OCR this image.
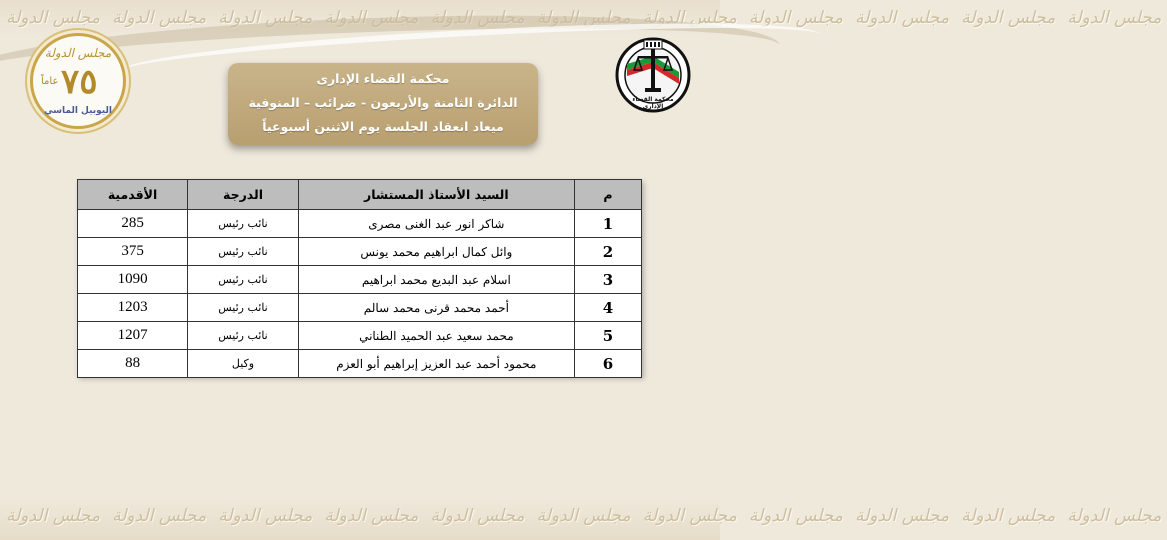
مجلس الدولة مجلس الدولة مجلس الدولة مجلس الدولة مجلس الدولة مجلس الدولة مجلس الدولة مجلس الدولة مجلس الدولة مجلس الدولة مجلس الدولة
مجلس الدولة
عاماً ٧٥
اليوبيل الماسي
محكمة القضاء الإداري
محكمة القضاء الإدارى
الدائرة الثامنة والأربعون - ضرائب – المنوفية
ميعاد انعقاد الجلسة يوم الاثنين أسبوعياً
م	السيد الأستاذ المستشار	الدرجة	الأقدمية
1	شاكر انور عبد الغنى مصرى	نائب رئيس	285
2	وائل كمال ابراهيم محمد يونس	نائب رئيس	375
3	اسلام عبد البديع محمد ابراهيم	نائب رئيس	1090
4	أحمد محمد قرنى محمد سالم	نائب رئيس	1203
5	محمد سعيد عبد الحميد الطناني	نائب رئيس	1207
6	محمود أحمد عبد العزيز إبراهيم أبو العزم	وكيل	88
مجلس الدولة مجلس الدولة مجلس الدولة مجلس الدولة مجلس الدولة مجلس الدولة مجلس الدولة مجلس الدولة مجلس الدولة مجلس الدولة مجلس الدولة
